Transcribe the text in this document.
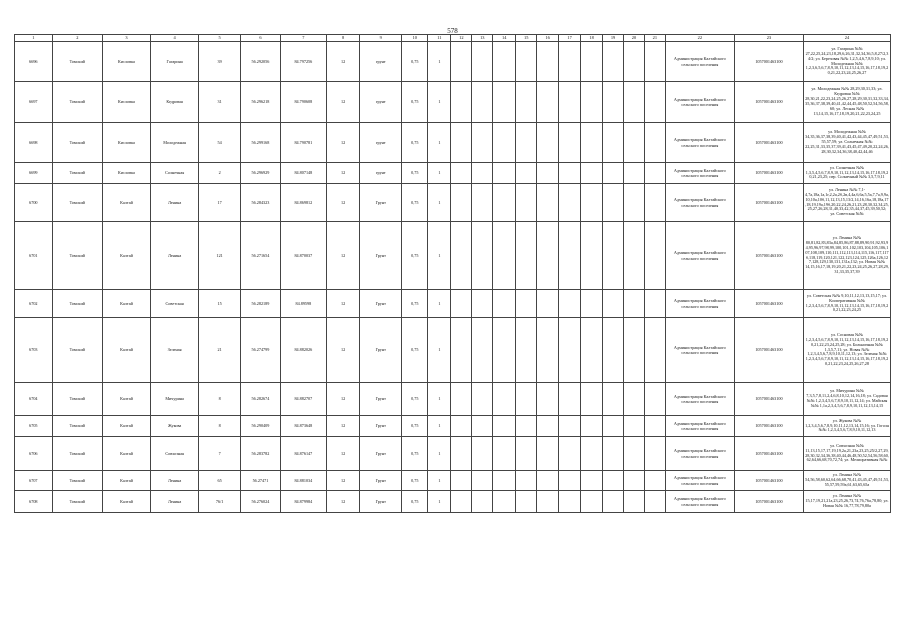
578
1	2	3	4	5	6	7	8	9	10	11	12	13	14	15	16	17	18	19	20	21	22	23	24
6696	Томский	Кисловка	Гагарина	39	56.292056	84.797256	12	грунт	0,75	1											Администрация Калтайского сельского поселения	1057001463100	ул. Гагарина №№ 27,22,25,24,23,18,29,6,26,31,32,34,36,5,8,27/2,34/2; ул. Березовая №№ 1,2,5,4,6,7,8,9,10; ул. Молодежная №№ 1,2,3,6,5,6,7,8,9,10,11,12,13,14,15,16,17,18,19,20,21,22,23,24,25,26,27
6697	Томский	Кисловка	Кедровая	31	56.296218	84.790608	12	грунт	0,75	1											Администрация Калтайского сельского поселения	1057001463100	ул. Молодежная №№ 28,29,30,31,33; ул. Кедровая №№ 28,30,21,22,23,24,25,26,27,28,29,30,31,32,33,34,35,36,37,38,39,40,41,42,44,45,48,50,52,54,56,58,60; ул. Лесная №№ 13,14,15,16,17,18,19,20,21,22,23,24,25
6698	Томский	Кисловка	Молодежная	54	56.299168	84.790781	12	грунт	0,75	1											Администрация Калтайского сельского поселения	1057001463100	ул. Молодежная №№ 34,35,36,37,38,39,40,41,42,43,44,45,47,49,51,53,55,57,59; ул. Солнечная №№ 22,25,31,33,35,37,39,41,43,45,47,49,20,22,24,26,28,30,32,34,36,38,40,42,44,46
6699	Томский	Кисловка	Солнечная	2	56.296929	84.807148	12	грунт	0,75	1											Администрация Калтайского сельского поселения	1057001463100	ул. Солнечная №№ 1,3,5,4,5,6,7,8,9,10,11,12,13,14,15,16,17,18,19,20,21,23,25; пер. Солнечный №№ 3,5,7,9,11
6700	Томский	Калтай	Ленина	17	56.284323	84.869812	12	Грунт	0,75	1											Администрация Калтайского сельского поселения	1057001463100	ул. Ленина №№ 7,1-4,7а,18а,1а,1г,2,2а,2б,2в,4,4а,6,6а,5,5а,7,7а,9,9а,10,10а,10б,11,12,13,15,13/2,14,16,16а,18,18а,17,18,19,19а,19б,20,22,24,26,21,23,28,30,32,34,25,25,27,26,28,31,40,33,42,35,44,37,45,39,50,52; ул. Советская №№
6701	Томский	Калтай	Ленина	121	56.271654	84.870037	12	Грунт	0,75	1											Администрация Калтайского сельского поселения	1057001463100	ул. Ленина №№ 80,81,82,83,83а,84,85,86,87,88,89,90,91,92,93,94,95,96,97,98,99,100,101,102,103,104,105,106,107,108,109,110,111,112,113,114,115,116,117,117б,118,119,120,121,122,123,124,125,126а,126,127,128,129,130,131,131а,132; ул. Новая №№ 14,15,16,17,18,19,20,21,22,23,24,25,26,27,28,29,31,33,35,37,39
6702	Томский	Калтай	Советская	15	56.282189	84.89598	12	Грунт	0,75	1											Администрация Калтайского сельского поселения	1057001463100	ул. Советская №№ 9,10,11,12,13,13,15,17; ул. Кооперативная №№ 1,2,3,4,5,6,7,8,9,10,11,12,13,14,15,16,17,18,19,20,21,22,23,24,25
6703	Томский	Калтай	Зеленая	21	56.274799	84.882026	12	Грунт	0,75	1											Администрация Калтайского сельского поселения	1057001463100	ул. Сосновая №№ 1,2,3,4,5,6,7,8,9,10,11,12,13,14,15,16,17,18,19,20,21,22,23,24,25,28; ул. Больничная №№ 1,3,5,7,11; ул. Новая №№ 1,2,3,4,5,6,7,8,9,10,11,12,13; ул. Зеленая №№ 1,2,3,4,5,6,7,8,9,10,11,12,13,14,15,16,17,18,19,20,21,22,23,24,25,26,27,28
6704	Томский	Калтай	Мичурина	8	56.282674	84.882707	12	Грунт	0,75	1											Администрация Калтайского сельского поселения	1057001463100	ул. Мичурина №№ 7,3,5,7,8,11,2,4,6,8,10,12,14,16,18; ул. Садовая №№ 1,2,3,4,5,6,7,8,9,10,11,12,14; ул. Майская №№ 1,1а,2,3,4,5,6,7,8,9,10,11,12,13,14,15
6705	Томский	Калтай	Жукова	8	56.290409	84.873648	12	Грунт	0,75	1											Администрация Калтайского сельского поселения	1057001463100	ул. Жукова №№ 1,2,3,4,5,6,7,8,9,10,11,12,13,14,15,16; ул. Гоголя №№ 1,2,3,4,5,6,7,8,9,10,11,12,13
6706	Томский	Калтай	Совхозная	7	56.283782	84.876147	12	Грунт	0,75	1											Администрация Калтайского сельского поселения	1057001463100	ул. Совхозная №№ 11,13,15,17,17,19,19,2а,21,23а,23,25,25/2,27,29,28,30,32,34,36,38,40,44,46,48,50,52,54,56,58,60,62,64,66,68,70,72,74; ул. Мелиоративная №№
6707	Томский	Калтай	Ленина	65	56.27471	84.881034	12	Грунт	0,75	1											Администрация Калтайского сельского поселения	1057001463100	ул. Ленина №№ 54,56,58,60,62,64,66,68,70,41,43,45,47,49,51,53,55,57,59,59а,61,63,65,65а
6708	Томский	Калтай	Ленина	76/1	56.276024	84.879984	12	Грунт	0,75	1											Администрация Калтайского сельского поселения	1057001463100	ул. Ленина №№ 15,17,19,21,21а,23,25,26,73,74,76,76а,78,80; ул. Новая №№ 16,77,78,79,80а
